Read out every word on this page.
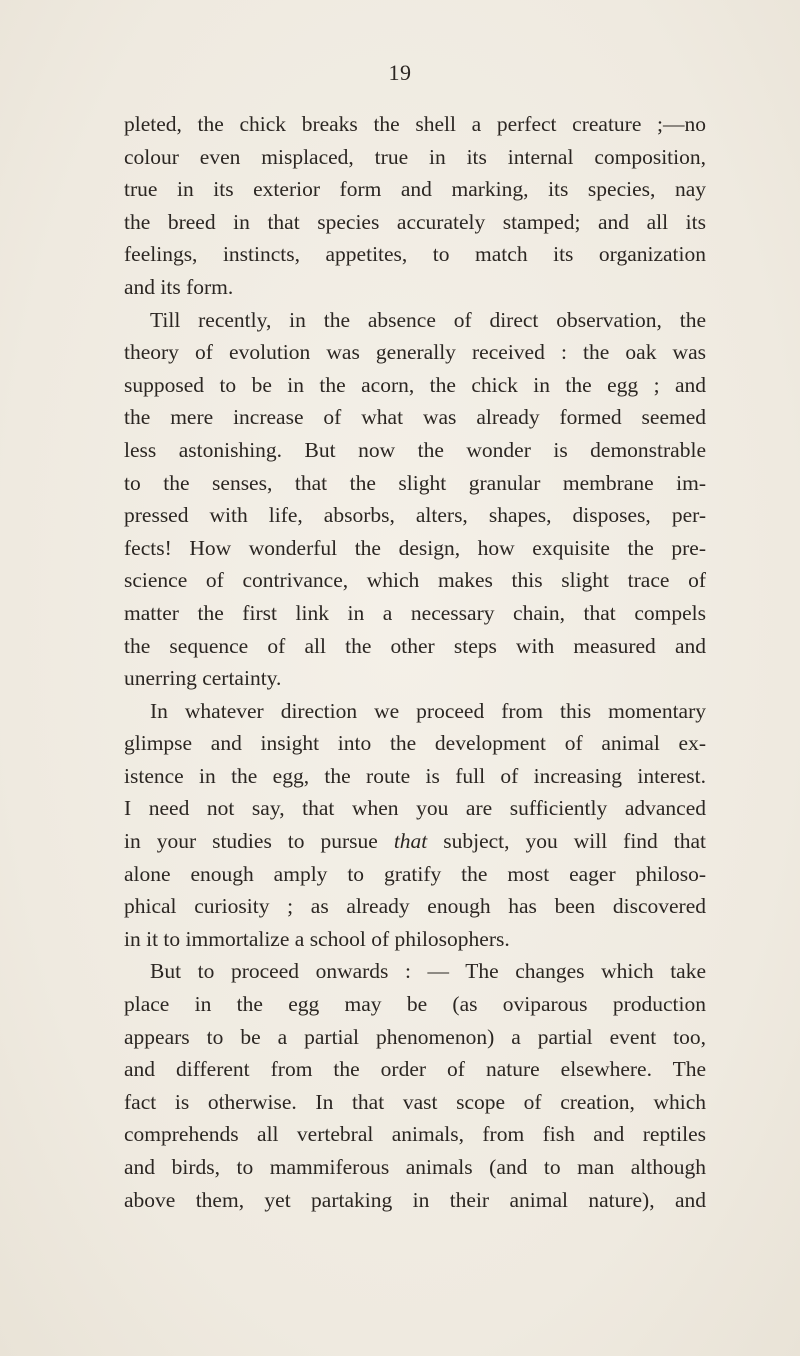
19
pleted, the chick breaks the shell a perfect creature ;—no
colour even misplaced, true in its internal composition,
true in its exterior form and marking, its species, nay
the breed in that species accurately stamped; and all its
feelings, instincts, appetites, to match its organization
and its form.
Till recently, in the absence of direct observation, the
theory of evolution was generally received : the oak was
supposed to be in the acorn, the chick in the egg ; and
the mere increase of what was already formed seemed
less astonishing. But now the wonder is demonstrable
to the senses, that the slight granular membrane im-
pressed with life, absorbs, alters, shapes, disposes, per-
fects! How wonderful the design, how exquisite the pre-
science of contrivance, which makes this slight trace of
matter the first link in a necessary chain, that compels
the sequence of all the other steps with measured and
unerring certainty.
In whatever direction we proceed from this momentary
glimpse and insight into the development of animal ex-
istence in the egg, the route is full of increasing interest.
I need not say, that when you are sufficiently advanced
in your studies to pursue that subject, you will find that
alone enough amply to gratify the most eager philoso-
phical curiosity ; as already enough has been discovered
in it to immortalize a school of philosophers.
But to proceed onwards : — The changes which take
place in the egg may be (as oviparous production
appears to be a partial phenomenon) a partial event too,
and different from the order of nature elsewhere. The
fact is otherwise. In that vast scope of creation, which
comprehends all vertebral animals, from fish and reptiles
and birds, to mammiferous animals (and to man although
above them, yet partaking in their animal nature), and
